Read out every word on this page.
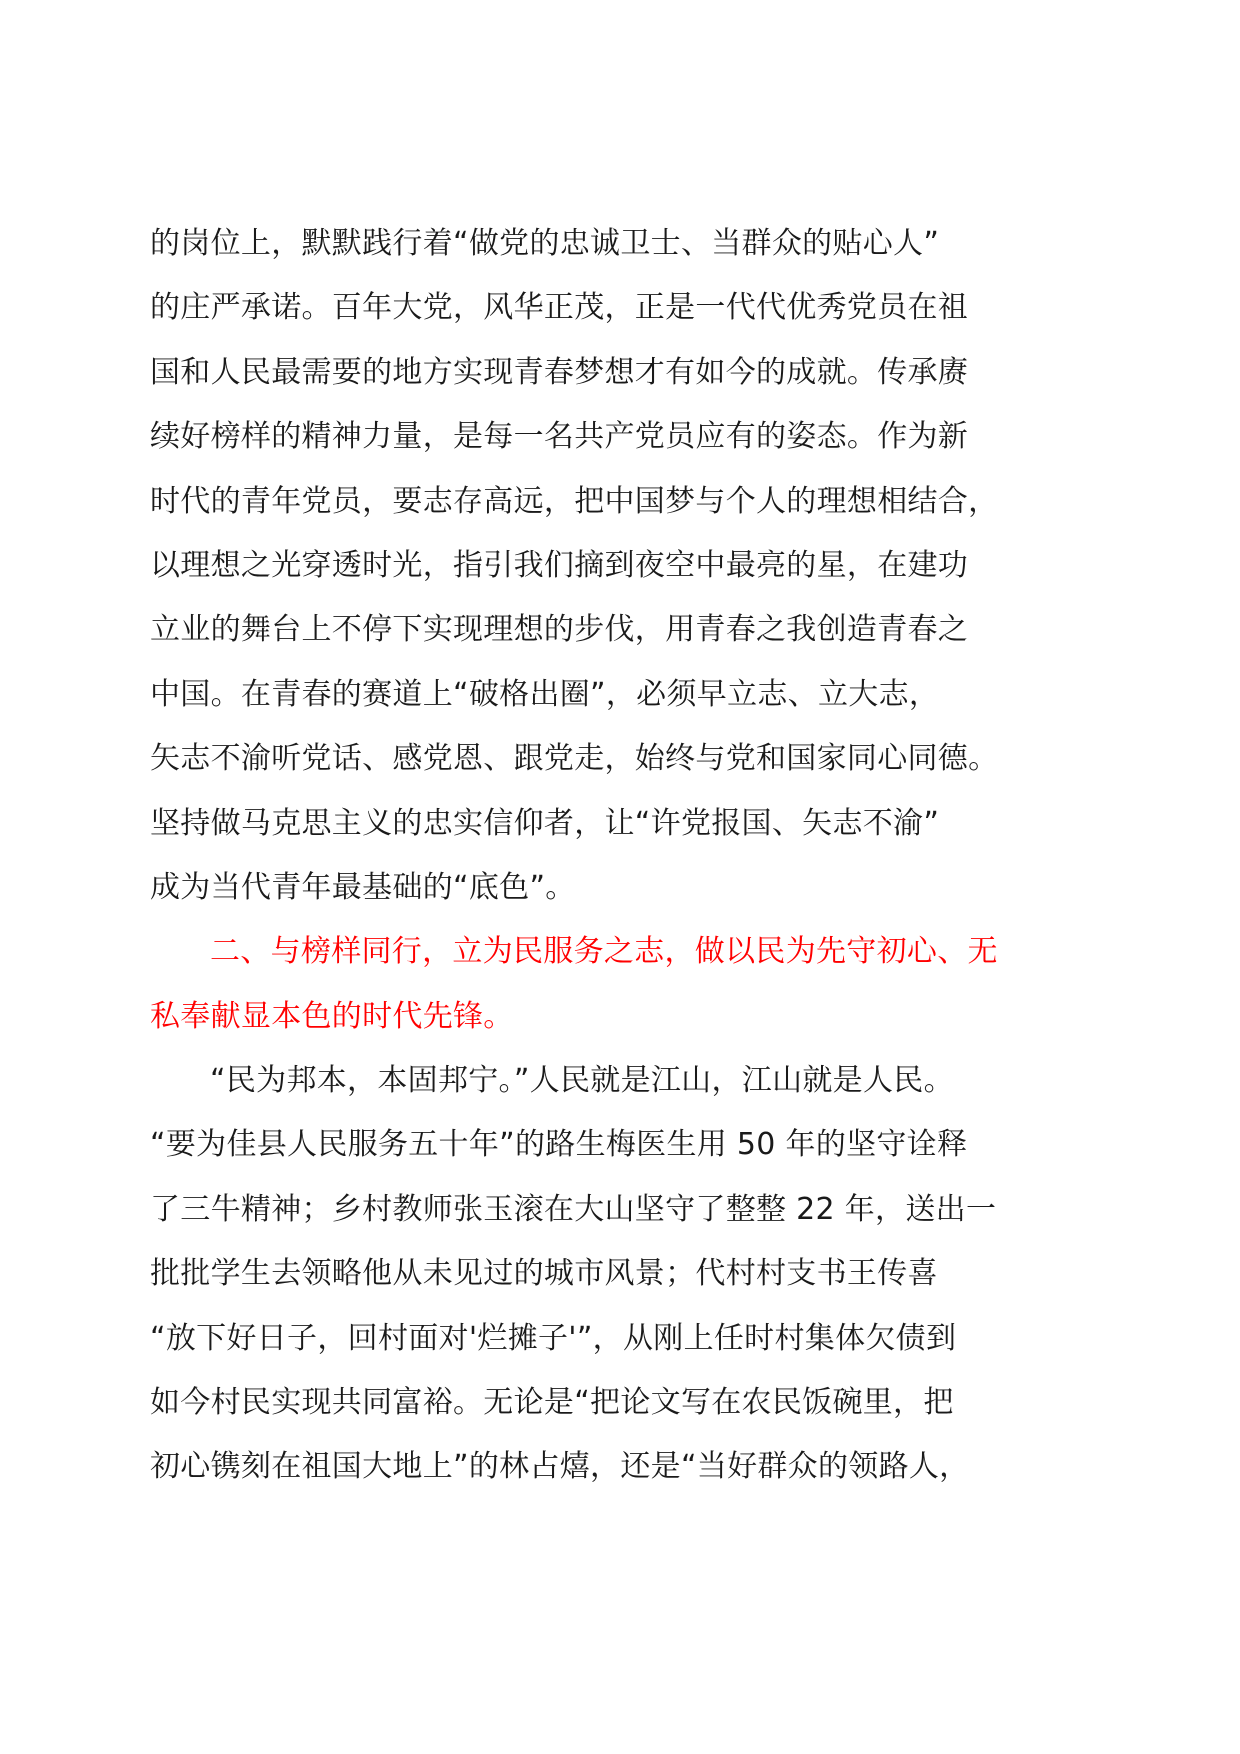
的岗位上，默默践行着“做党的忠诚卫士、当群众的贴心人”
的庄严承诺。百年大党，风华正茂，正是一代代优秀党员在祖
国和人民最需要的地方实现青春梦想才有如今的成就。传承赓
续好榜样的精神力量，是每一名共产党员应有的姿态。作为新
时代的青年党员，要志存高远，把中国梦与个人的理想相结合，
以理想之光穿透时光，指引我们摘到夜空中最亮的星，在建功
立业的舞台上不停下实现理想的步伐，用青春之我创造青春之
中国。在青春的赛道上“破格出圈”，必须早立志、立大志，
矢志不渝听党话、感党恩、跟党走，始终与党和国家同心同德。
坚持做马克思主义的忠实信仰者，让“许党报国、矢志不渝”
成为当代青年最基础的“底色”。
二、与榜样同行，立为民服务之志，做以民为先守初心、无
私奉献显本色的时代先锋。
“民为邦本，本固邦宁。”人民就是江山，江山就是人民。
“要为佳县人民服务五十年”的路生梅医生用 50 年的坚守诠释
了三牛精神；乡村教师张玉滚在大山坚守了整整 22 年，送出一
批批学生去领略他从未见过的城市风景；代村村支书王传喜
“放下好日子，回村面对'烂摊子'”，从刚上任时村集体欠债到
如今村民实现共同富裕。无论是“把论文写在农民饭碗里，把
初心镌刻在祖国大地上”的林占熺，还是“当好群众的领路人，
